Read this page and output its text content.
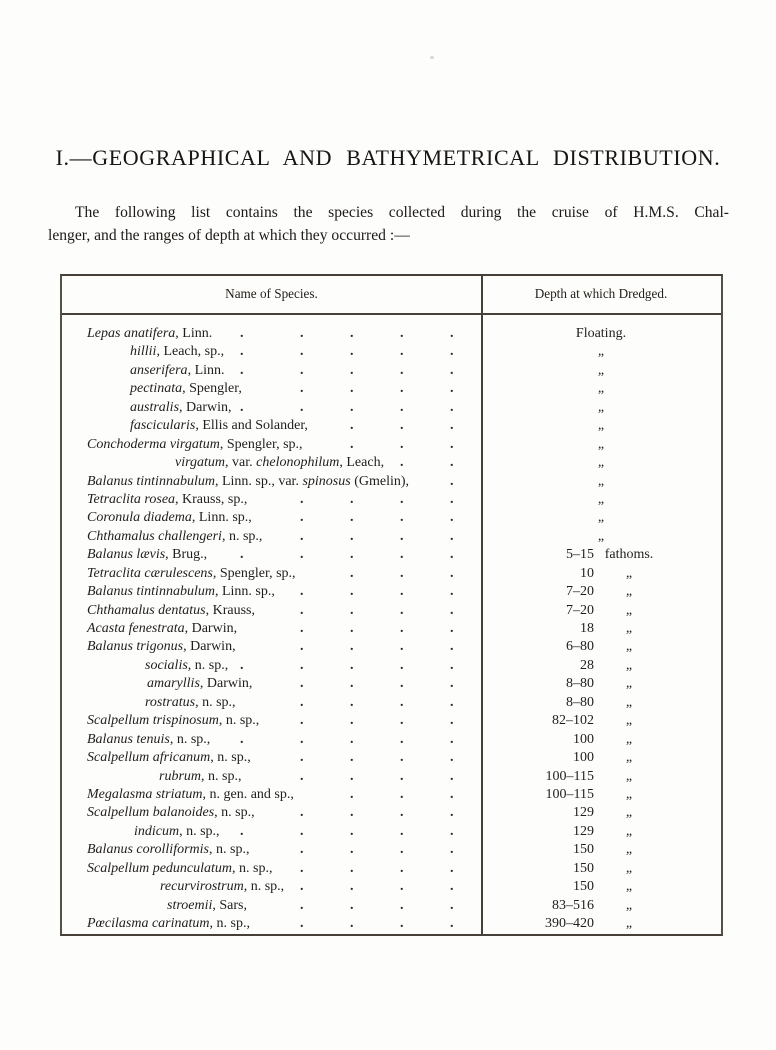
I.—GEOGRAPHICAL AND BATHYMETRICAL DISTRIBUTION.
The following list contains the species collected during the cruise of H.M.S. Chal-
lenger, and the ranges of depth at which they occurred :—
Name of Species.	Depth at which Dredged.
Lepas anatifera, Linn. .	.	.	.	.	Floating.
hillii, Leach, sp., .	.	.	.	.	„
anserifera, Linn. .	.	.	.	.	„
pectinata, Spengler,	.	.	.	.	„
australis, Darwin, .	.	.	.	.	„
fascicularis, Ellis and Solander,	.	.	.	„
Conchoderma virgatum, Spengler, sp.,	.	.	.	„
virgatum, var. chelonophilum, Leach, .	.	„
Balanus tintinnabulum, Linn. sp., var. spinosus (Gmelin),	.	„
Tetraclita rosea, Krauss, sp.,	.	.	.	.	„
Coronula diadema, Linn. sp.,	.	.	.	.	„
Chthamalus challengeri, n. sp.,	.	.	.	.	„
Balanus lævis, Brug., .	.	.	.	.	5–15 fathoms.
Tetraclita cærulescens, Spengler, sp.,	.	.	.	10	„
Balanus tintinnabulum, Linn. sp., .	.	.	.	7–20	„
Chthamalus dentatus, Krauss,	.	.	.	.	7–20	„
Acasta fenestrata, Darwin,	.	.	.	.	18	„
Balanus trigonus, Darwin,	.	.	.	.	6–80	„
socialis, n. sp., .	.	.	.	.	28	„
amaryllis, Darwin,	.	.	.	.	8–80	„
rostratus, n. sp.,	.	.	.	.	8–80	„
Scalpellum trispinosum, n. sp.,	.	.	.	.	82–102	„
Balanus tenuis, n. sp., .	.	.	.	.	100	„
Scalpellum africanum, n. sp.,	.	.	.	.	100	„
rubrum, n. sp.,	.	.	.	.	100–115	„
Megalasma striatum, n. gen. and sp.,	.	.	.	100–115	„
Scalpellum balanoides, n. sp.,	.	.	.	.	129	„
indicum, n. sp., .	.	.	.	.	129	„
Balanus corolliformis, n. sp.,	.	.	.	.	150	„
Scalpellum pedunculatum, n. sp., .	.	.	.	150	„
recurvirostrum, n. sp., .	.	.	.	150	„
stroemii, Sars,	.	.	.	.	83–516	„
Pœcilasma carinatum, n. sp.,	.	.	.	.	390–420	„
